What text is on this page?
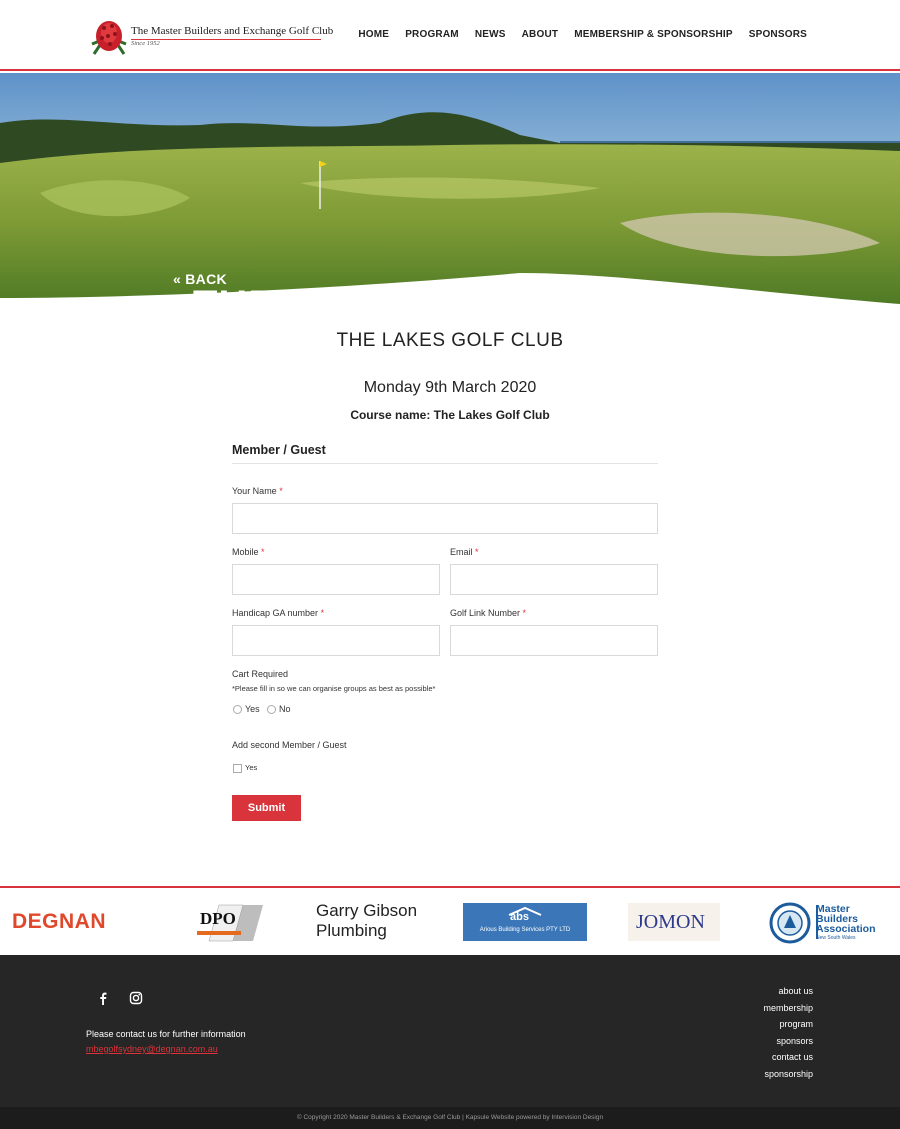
The Master Builders and Exchange Golf Club
Since 1952
HOME PROGRAM NEWS ABOUT MEMBERSHIP & SPONSORSHIP SPONSORS
« BACK
THE LAKES GOLF CLUB
THE LAKES GOLF CLUB
Monday 9th March 2020
Course name: The Lakes Golf Club
Member / Guest
Your Name *
Mobile *	Email *
Handicap GA number *	Golf Link Number *
Cart Required
*Please fill in so we can organise groups as best as possible*
Yes No
Add second Member / Guest
Yes
Submit
DEGNAN	DPO	Garry Gibson
Plumbing
abs
Arious Building Services PTY LTD	JOMON
Master
Builders
Association
New South Wales
Please contact us for further information
mbegolfsydney@degnan.com.au
about us
membership
program
sponsors
contact us
sponsorship
© Copyright 2020 Master Builders & Exchange Golf Club | Kapsule Website powered by Intervision Design
